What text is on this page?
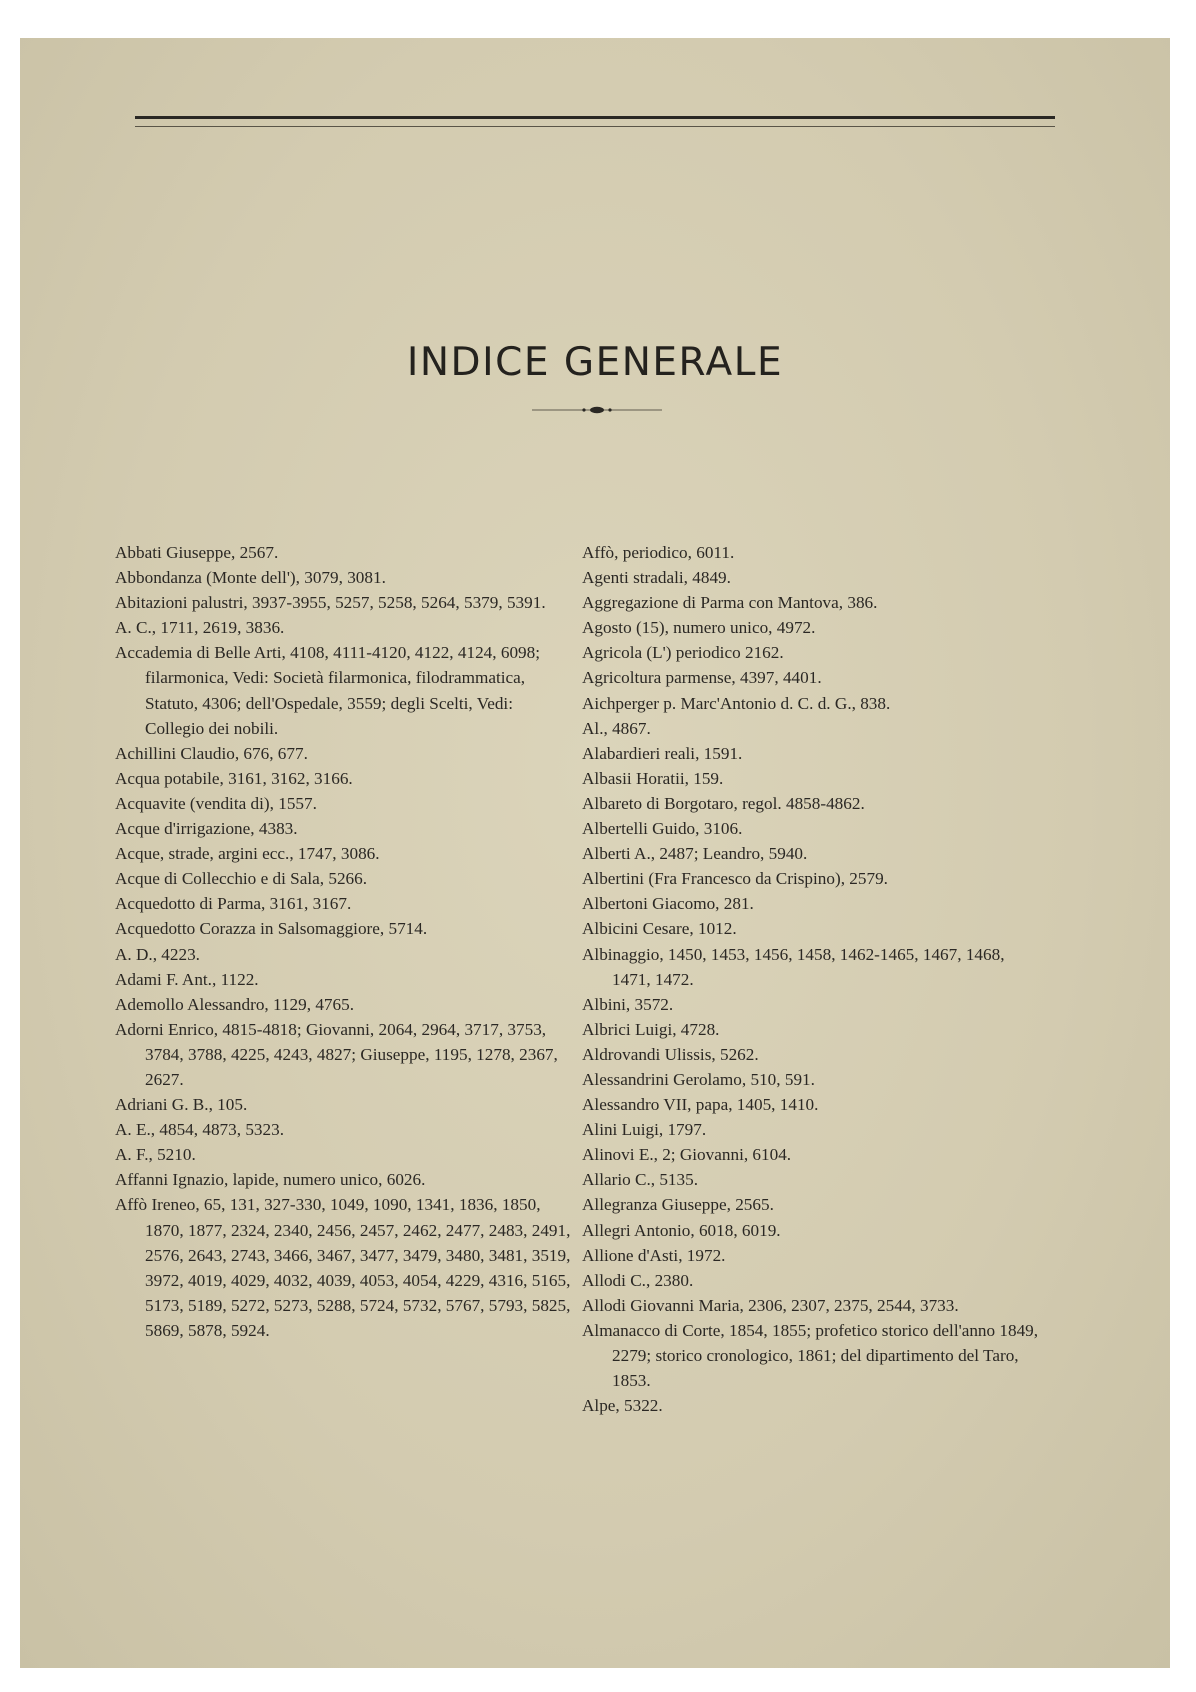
INDICE GENERALE

Abbati Giuseppe, 2567.

Abbondanza (Monte dell'), 3079, 3081.

Abitazioni palustri, 3937-3955, 5257, 5258, 5264, 5379, 5391.

A. C., 1711, 2619, 3836.

Accademia di Belle Arti, 4108, 4111-4120, 4122, 4124, 6098; filarmonica, Vedi: Società filarmonica, filodrammatica, Statuto, 4306; dell'Ospedale, 3559; degli Scelti, Vedi: Collegio dei nobili.

Achillini Claudio, 676, 677.

Acqua potabile, 3161, 3162, 3166.

Acquavite (vendita di), 1557.

Acque d'irrigazione, 4383.

Acque, strade, argini ecc., 1747, 3086.

Acque di Collecchio e di Sala, 5266.

Acquedotto di Parma, 3161, 3167.

Acquedotto Corazza in Salsomaggiore, 5714.

A. D., 4223.

Adami F. Ant., 1122.

Ademollo Alessandro, 1129, 4765.

Adorni Enrico, 4815-4818; Giovanni, 2064, 2964, 3717, 3753, 3784, 3788, 4225, 4243, 4827; Giuseppe, 1195, 1278, 2367, 2627.

Adriani G. B., 105.

A. E., 4854, 4873, 5323.

A. F., 5210.

Affanni Ignazio, lapide, numero unico, 6026.

Affò Ireneo, 65, 131, 327-330, 1049, 1090, 1341, 1836, 1850, 1870, 1877, 2324, 2340, 2456, 2457, 2462, 2477, 2483, 2491, 2576, 2643, 2743, 3466, 3467, 3477, 3479, 3480, 3481, 3519, 3972, 4019, 4029, 4032, 4039, 4053, 4054, 4229, 4316, 5165, 5173, 5189, 5272, 5273, 5288, 5724, 5732, 5767, 5793, 5825, 5869, 5878, 5924.

Affò, periodico, 6011.

Agenti stradali, 4849.

Aggregazione di Parma con Mantova, 386.

Agosto (15), numero unico, 4972.

Agricola (L') periodico 2162.

Agricoltura parmense, 4397, 4401.

Aichperger p. Marc'Antonio d. C. d. G., 838.

Al., 4867.

Alabardieri reali, 1591.

Albasii Horatii, 159.

Albareto di Borgotaro, regol. 4858-4862.

Albertelli Guido, 3106.

Alberti A., 2487; Leandro, 5940.

Albertini (Fra Francesco da Crispino), 2579.

Albertoni Giacomo, 281.

Albicini Cesare, 1012.

Albinaggio, 1450, 1453, 1456, 1458, 1462-1465, 1467, 1468, 1471, 1472.

Albini, 3572.

Albrici Luigi, 4728.

Aldrovandi Ulissis, 5262.

Alessandrini Gerolamo, 510, 591.

Alessandro VII, papa, 1405, 1410.

Alini Luigi, 1797.

Alinovi E., 2; Giovanni, 6104.

Allario C., 5135.

Allegranza Giuseppe, 2565.

Allegri Antonio, 6018, 6019.

Allione d'Asti, 1972.

Allodi C., 2380.

Allodi Giovanni Maria, 2306, 2307, 2375, 2544, 3733.

Almanacco di Corte, 1854, 1855; profetico storico dell'anno 1849, 2279; storico cronologico, 1861; del dipartimento del Taro, 1853.

Alpe, 5322.
